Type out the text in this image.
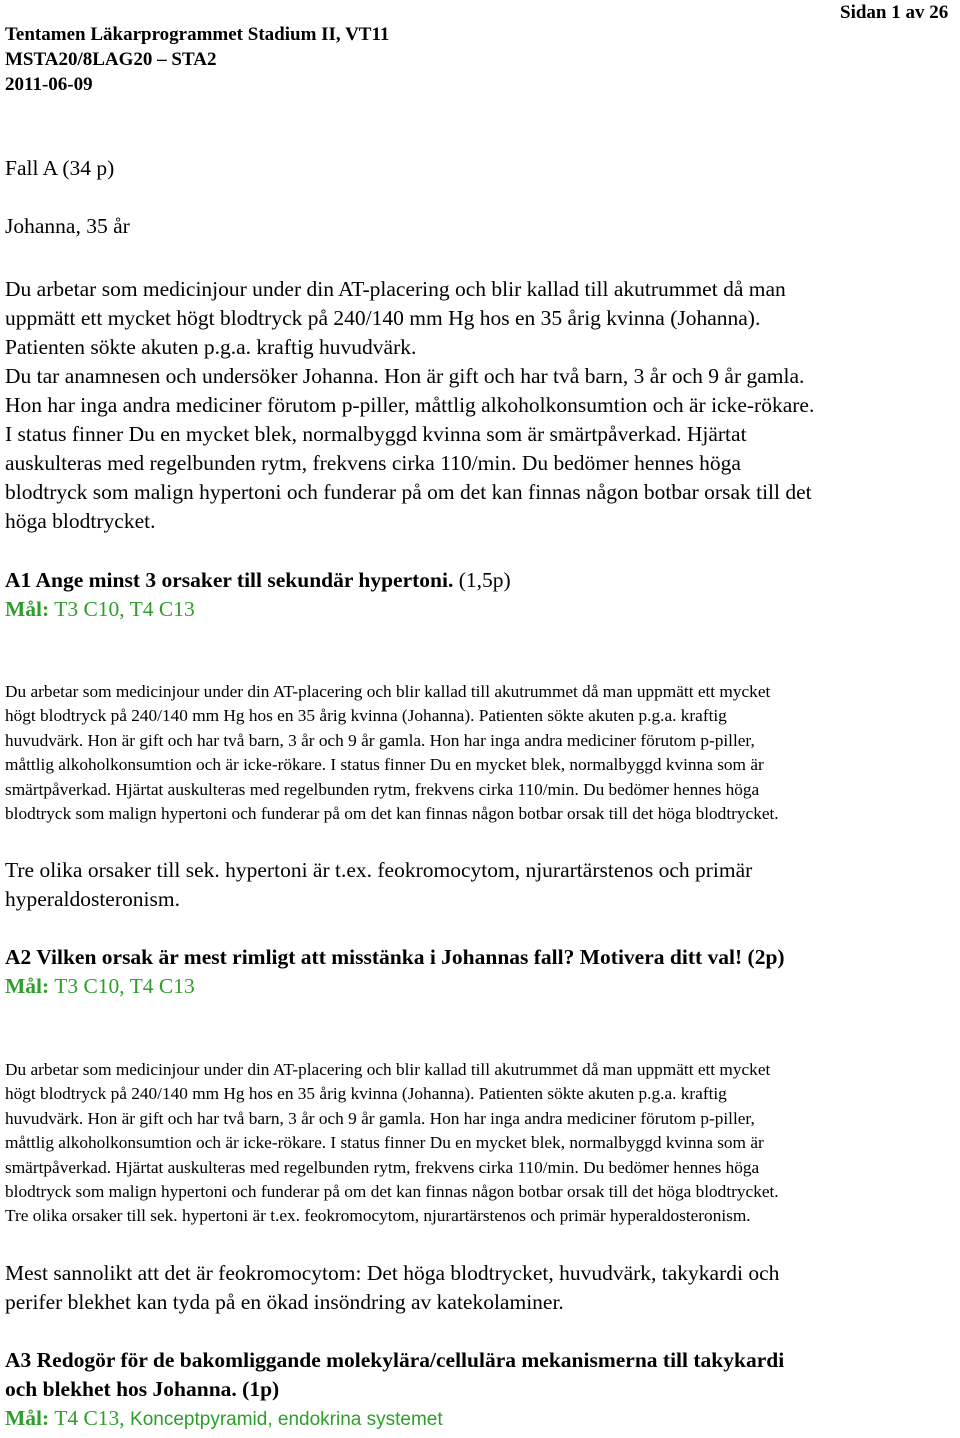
Tentamen Läkarprogrammet Stadium II, VT11
MSTA20/8LAG20 – STA2
2011-06-09
Sidan 1 av 26
Fall A (34 p)
Johanna, 35 år
Du arbetar som medicinjour under din AT-placering och blir kallad till akutrummet då man
uppmätt ett mycket högt blodtryck på 240/140 mm Hg hos en 35 årig kvinna (Johanna).
Patienten sökte akuten p.g.a. kraftig huvudvärk.
Du tar anamnesen och undersöker Johanna. Hon är gift och har två barn, 3 år och 9 år gamla.
Hon har inga andra mediciner förutom p-piller, måttlig alkoholkonsumtion och är icke-rökare.
I status finner Du en mycket blek, normalbyggd kvinna som är smärtpåverkad. Hjärtat
auskulteras med regelbunden rytm, frekvens cirka 110/min. Du bedömer hennes höga
blodtryck som malign hypertoni och funderar på om det kan finnas någon botbar orsak till det
höga blodtrycket.
A1 Ange minst 3 orsaker till sekundär hypertoni. (1,5p)
Mål: T3 C10, T4 C13
Du arbetar som medicinjour under din AT-placering och blir kallad till akutrummet då man uppmätt ett mycket
högt blodtryck på 240/140 mm Hg hos en 35 årig kvinna (Johanna). Patienten sökte akuten p.g.a. kraftig
huvudvärk. Hon är gift och har två barn, 3 år och 9 år gamla. Hon har inga andra mediciner förutom p-piller,
måttlig alkoholkonsumtion och är icke-rökare. I status finner Du en mycket blek, normalbyggd kvinna som är
smärtpåverkad. Hjärtat auskulteras med regelbunden rytm, frekvens cirka 110/min. Du bedömer hennes höga
blodtryck som malign hypertoni och funderar på om det kan finnas någon botbar orsak till det höga blodtrycket.
Tre olika orsaker till sek. hypertoni är t.ex. feokromocytom, njurartärstenos och primär
hyperaldosteronism.
A2 Vilken orsak är mest rimligt att misstänka i Johannas fall? Motivera ditt val! (2p)
Mål: T3 C10, T4 C13
Du arbetar som medicinjour under din AT-placering och blir kallad till akutrummet då man uppmätt ett mycket
högt blodtryck på 240/140 mm Hg hos en 35 årig kvinna (Johanna). Patienten sökte akuten p.g.a. kraftig
huvudvärk. Hon är gift och har två barn, 3 år och 9 år gamla. Hon har inga andra mediciner förutom p-piller,
måttlig alkoholkonsumtion och är icke-rökare. I status finner Du en mycket blek, normalbyggd kvinna som är
smärtpåverkad. Hjärtat auskulteras med regelbunden rytm, frekvens cirka 110/min. Du bedömer hennes höga
blodtryck som malign hypertoni och funderar på om det kan finnas någon botbar orsak till det höga blodtrycket.
Tre olika orsaker till sek. hypertoni är t.ex. feokromocytom, njurartärstenos och primär hyperaldosteronism.
Mest sannolikt att det är feokromocytom: Det höga blodtrycket, huvudvärk, takykardi och
perifer blekhet kan tyda på en ökad insöndring av katekolaminer.
A3 Redogör för de bakomliggande molekylära/cellulära mekanismerna till takykardi
och blekhet hos Johanna. (1p)
Mål: T4 C13, Konceptpyramid, endokrina systemet
